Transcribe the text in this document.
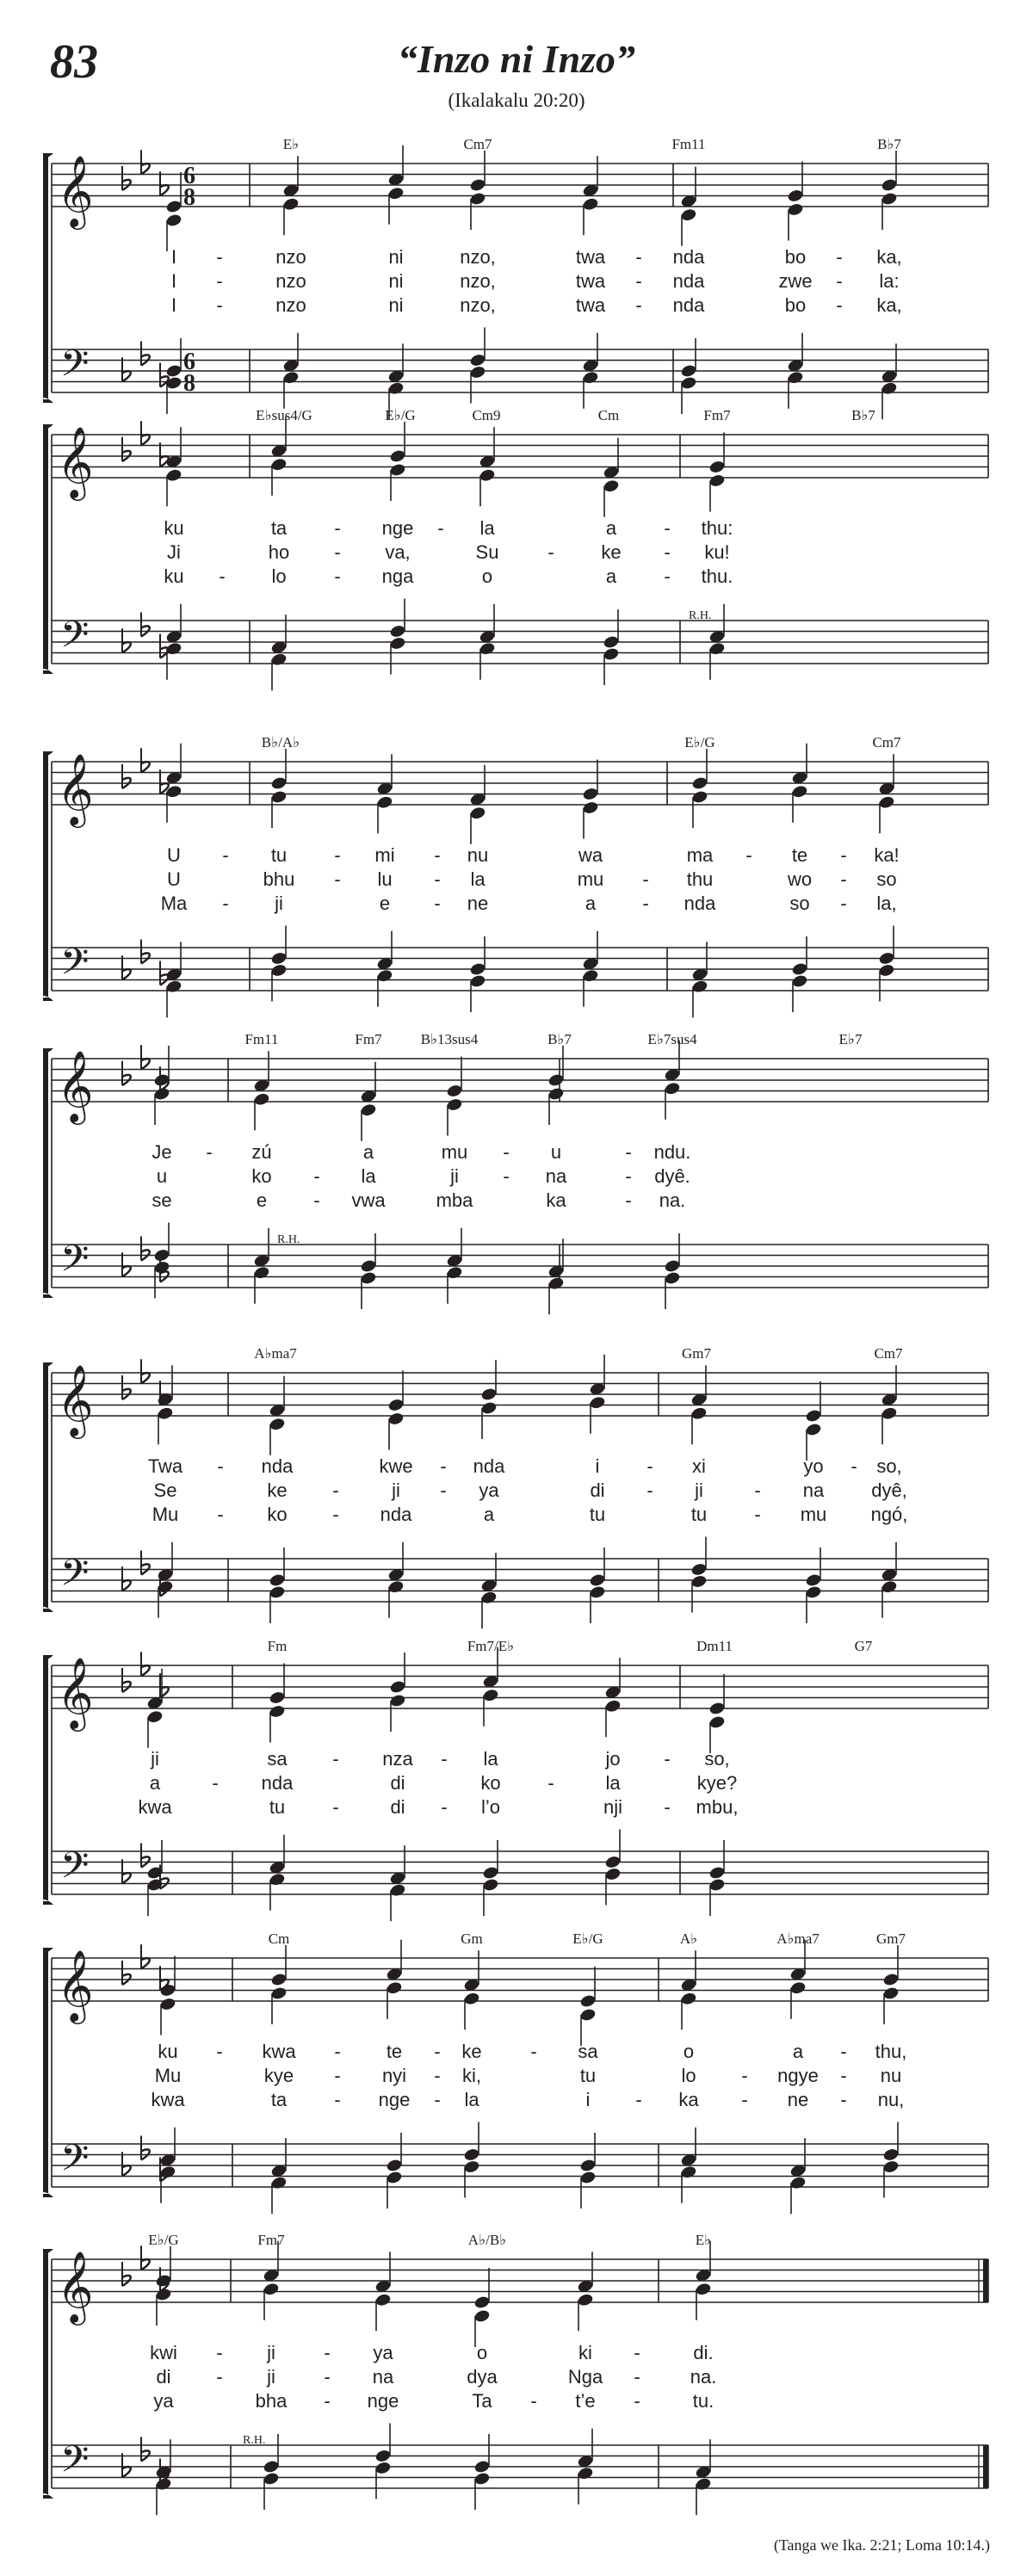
83	“Inzo ni Inzo”
(Ikalakalu 20:20)
𝄞
𝄢
6
8
6
8
𝄞
𝄢
𝄞
𝄢
𝄞
𝄢
𝄞
𝄢
𝄞
𝄢
𝄞
𝄢
𝄞
𝄢
(Tanga we Ika. 2:21; Loma 10:14.)
E♭	Cm7	Fm11	B♭7
I -	nzo	ni	nzo,	twa - nda	bo - ka,
I -	nzo	ni	nzo,	twa - nda	zwe - la:
I -	nzo	ni	nzo,	twa - nda	bo - ka,
E♭sus4/G	E♭/G	Cm9	Cm	Fm7	B♭7
ku	ta	- nge - la	a	- thu:
Ji	ho - va,	Su	- ke - ku!
ku - lo	- nga	o	a	- thu.
R.H.
B♭/A♭	E♭/G	Cm7
U - tu	- mi - nu	wa	ma - te - ka!
U	bhu - lu - la	mu - thu	wo - so
Ma - ji	e - ne	a - nda	so - la,
Fm11	Fm7	B♭13sus4	B♭7	E♭7sus4	E♭7
Je - zú	a	mu - u	- ndu.
u	ko - la	ji - na	- dyê.
se	e - vwa	mba	ka	- na.
R.H.
A♭ma7	Gm7	Cm7
Twa - nda	kwe - nda	i - xi	yo - so,
Se	ke -	ji - ya	di - ji	- na dyê,
Mu - ko - nda	a	tu	tu	- mu ngó,
Fm	Fm7/E♭	Dm11	G7
ji	sa - nza - la	jo - so,
a	- nda	di	ko -	la	kye?
kwa	tu	-	di - l’o	nji - mbu,
Cm	Gm	E♭/G	A♭	A♭ma7	Gm7
ku - kwa - te - ke	- sa	o	a - thu,
Mu	kye - nyi - ki,	tu	lo - ngye - nu
kwa	ta	- nge - la	i - ka - ne - nu,
E♭/G	Fm7	A♭/B♭	E♭
kwi - ji	- ya	o	ki -	di.
di - ji	- na	dya	Nga -	na.
ya	bha - nge	Ta - t’e -	tu.
R.H.
